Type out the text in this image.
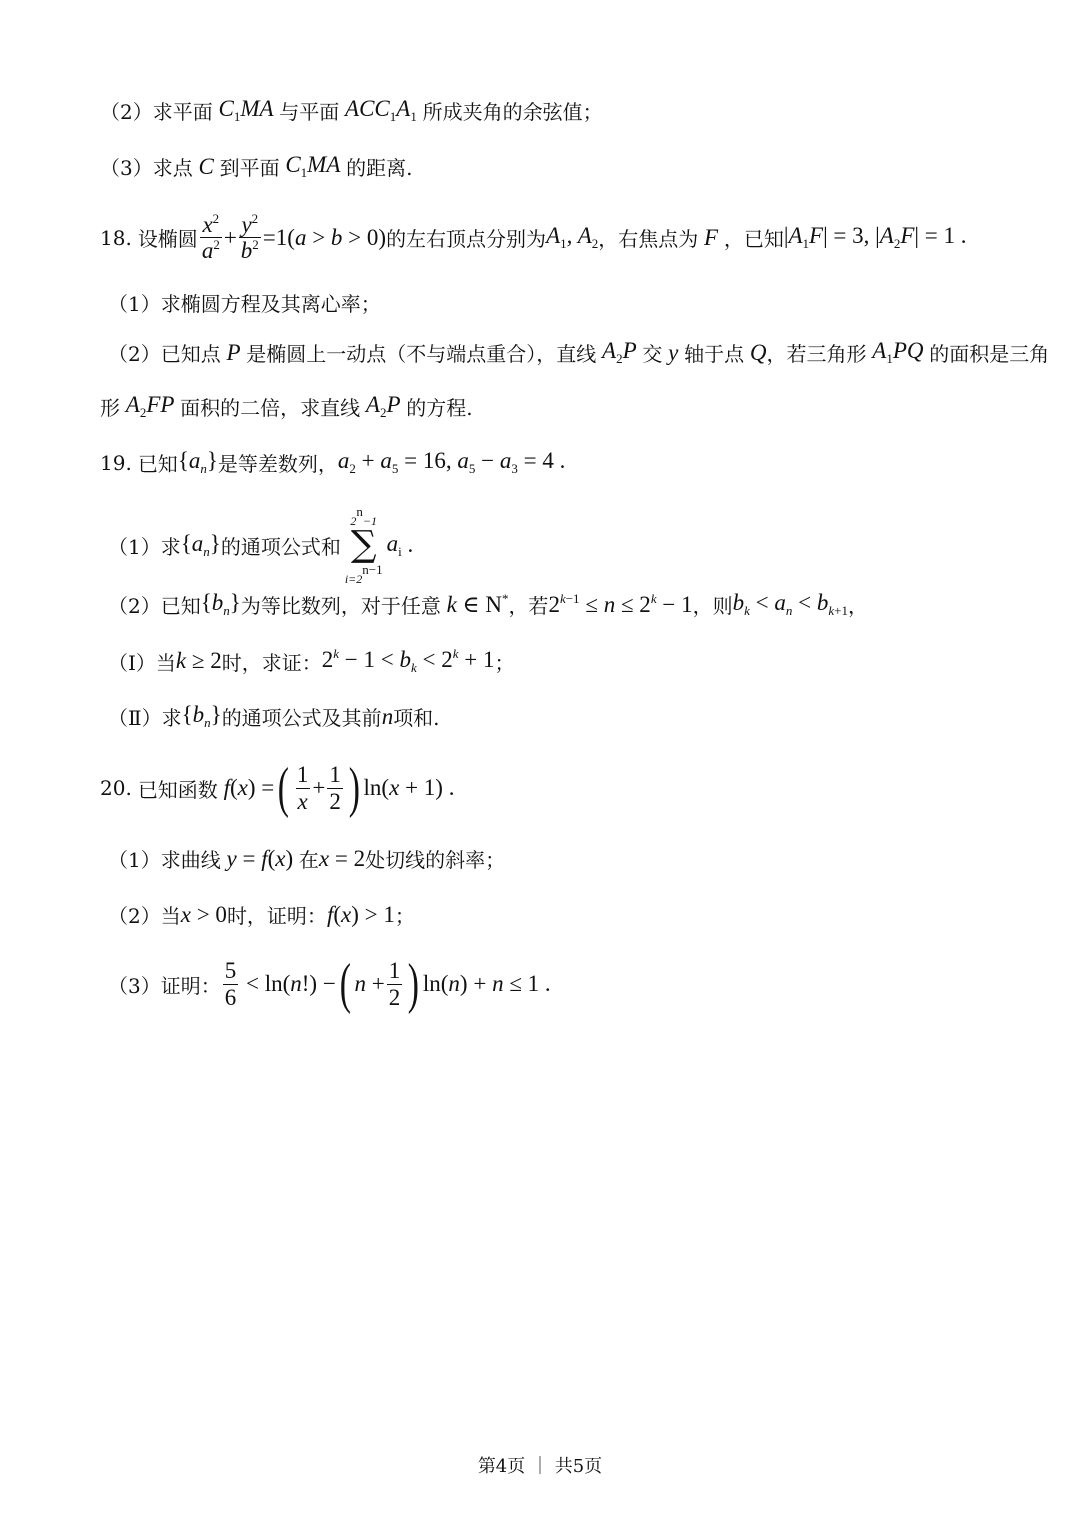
（2）求平面 $C_1MA$ 与平面 $ACC_1A_1$ 所成夹角的余弦值；
（3）求点 C 到平面 $C_1MA$ 的距离.
18. 设椭圆 $\frac{x^2}{a^2} + \frac{y^2}{b^2} =1(a > b > 0)$ 的左右顶点分别为 $A_1$, $A_2$ ，右焦点为 F ，已知 $|A_1F| = 3$, $|A_2F| = 1$ .
（1）求椭圆方程及其离心率；
（2）已知点 P 是椭圆上一动点（不与端点重合），直线 $A_2P$ 交 y 轴于点 Q ，若三角形 $A_1PQ$ 的面积是三角
形 $A_2FP$ 面积的二倍，求直线 $A_2P$ 的方程.
19. 已知 $\{a_n\}$ 是等差数列， $a_2 + a_5 = 16$, $a_5 - a_3 = 4$ .
（1）求 $\{a_n\}$ 的通项公式和
$2^n-1$
∑
$i=2^{n-1}$
$a_i$ .
（2）已知 $\{b_n\}$ 为等比数列，对于任意 k ∈ N* ，若 $2^{k-1} \le n \le 2^k - 1$ ，则 $b_k < a_n < b_{k+1}$ ，
（Ⅰ）当 k ≥ 2 时，求证： $2^k - 1 < b_k < 2^k + 1$ ；
（Ⅱ）求 $\{b_n\}$ 的通项公式及其前 n 项和.
20. 已知函数 f(x) = ( $\frac{1}{x} + \frac{1}{2}$ ) ln(x + 1) .
（1）求曲线 y = f(x) 在 x = 2 处切线的斜率；
（2）当 x > 0 时，证明： f(x) > 1 ；
（3）证明： $\frac{5}{6} < \ln(n!)$ − ( $n + \frac{1}{2}$ ) ln(n) + n ≤ 1 .
第4页 ｜ 共5页
